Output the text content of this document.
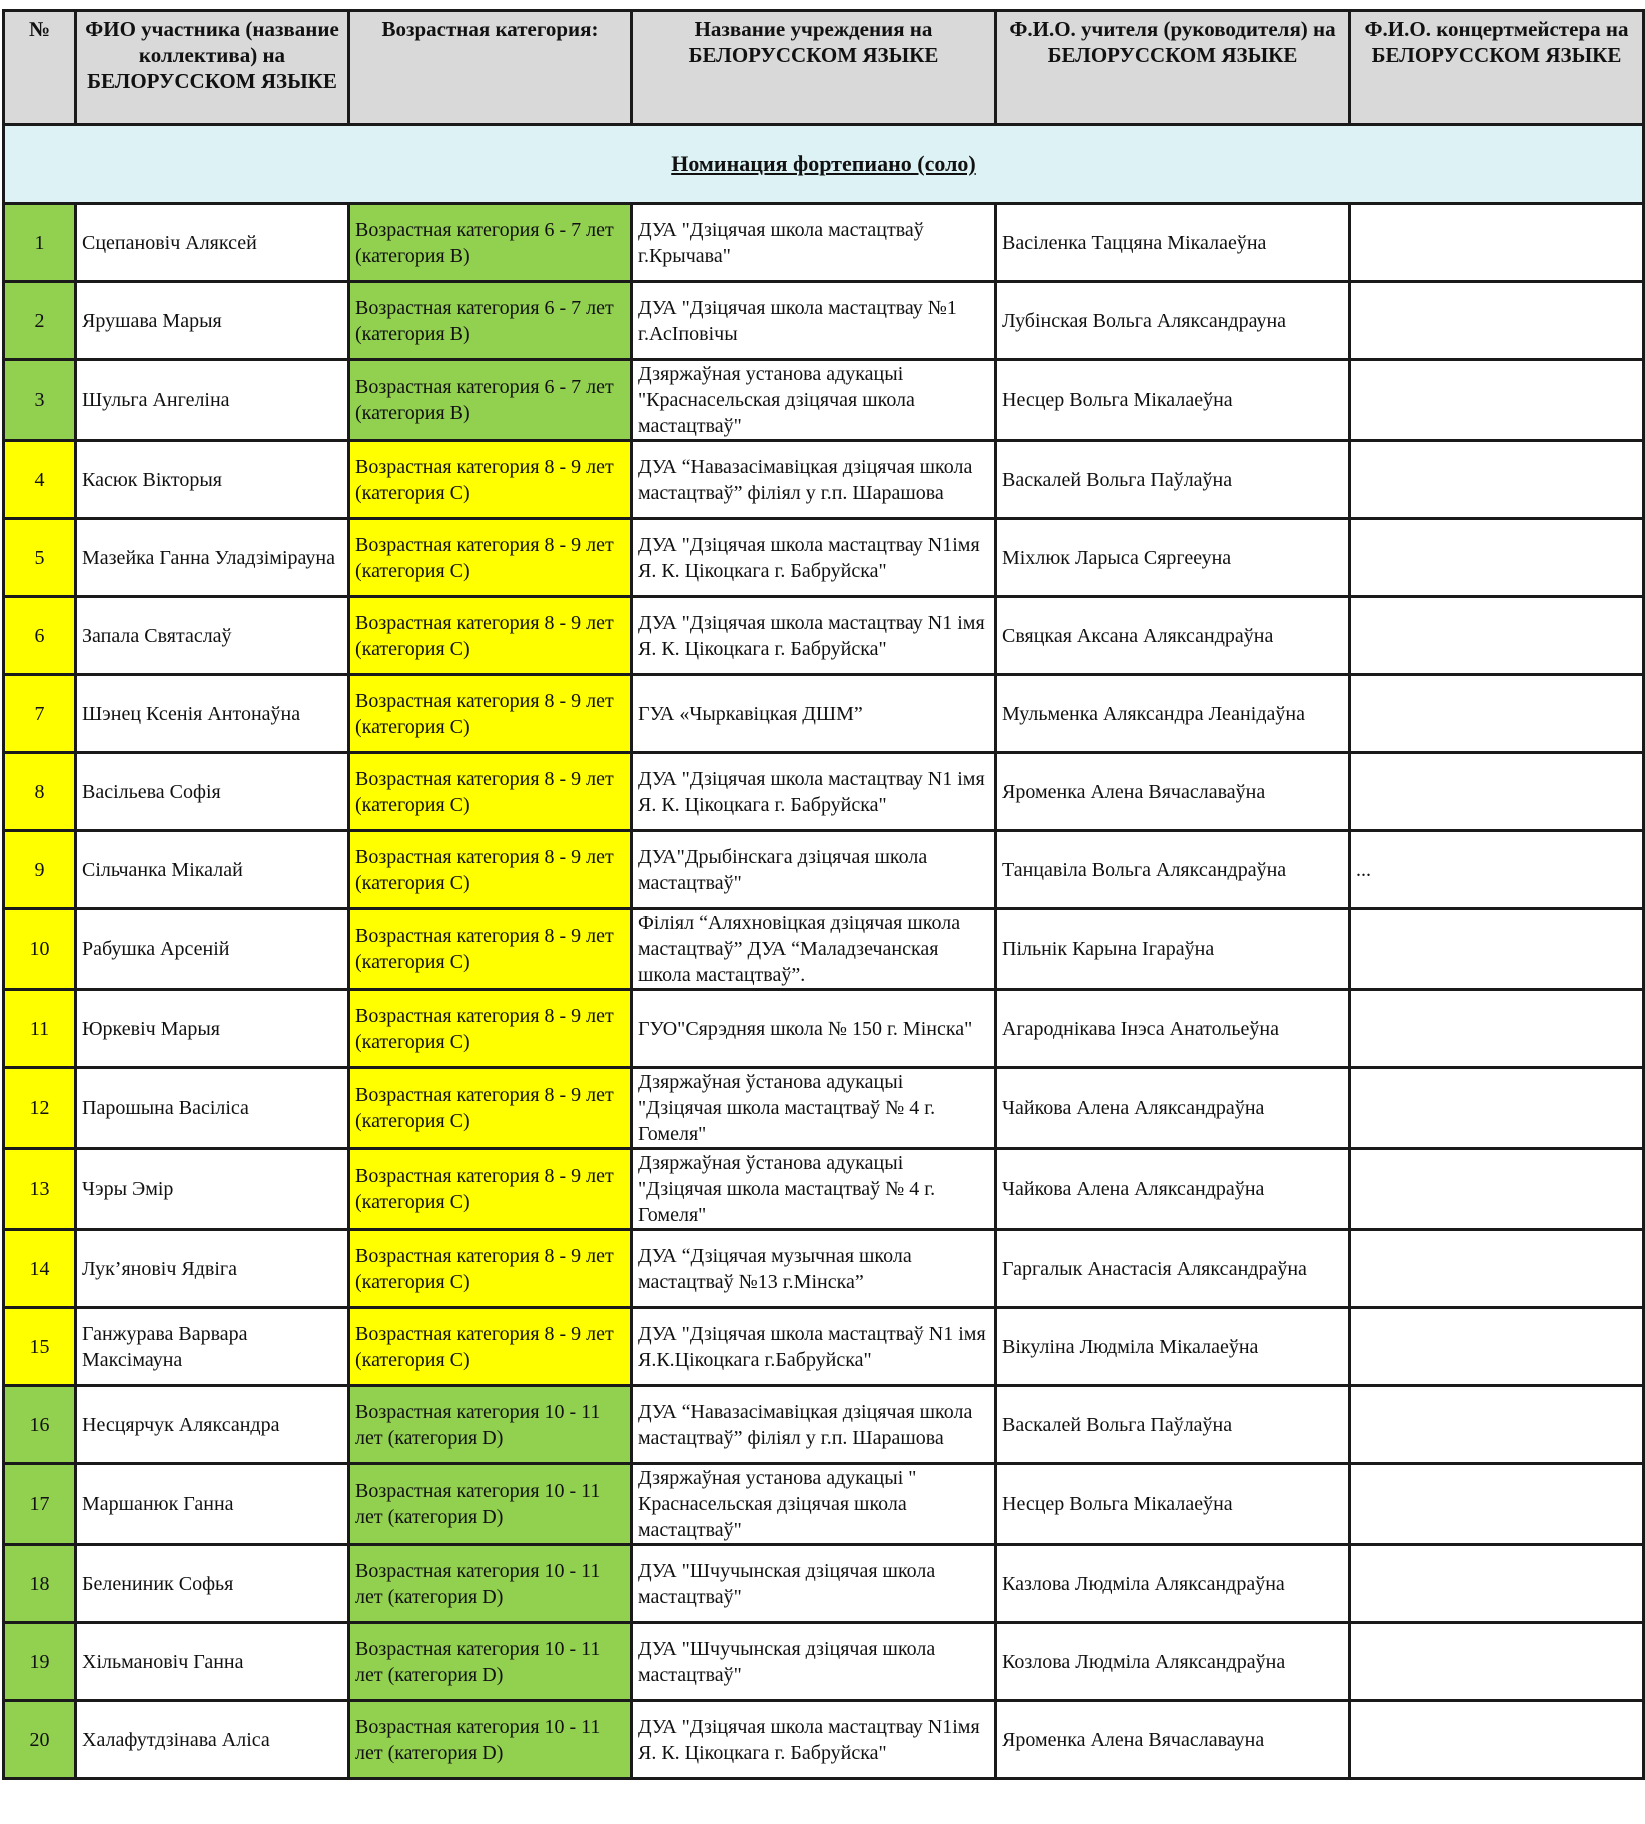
№	ФИО участника (название коллектива) на БЕЛОРУССКОМ ЯЗЫКЕ	Возрастная категория:	Название учреждения на БЕЛОРУССКОМ ЯЗЫКЕ	Ф.И.О. учителя (руководителя) на БЕЛОРУССКОМ ЯЗЫКЕ	Ф.И.О. концертмейстера на БЕЛОРУССКОМ ЯЗЫКЕ
Номинация фортепиано (соло)					
1	Сцепановіч Аляксей	Возрастная категория 6 - 7 лет (категория B)	ДУА "Дзіцячая школа мастацтваў г.Крычава"	Васіленка Таццяна Мікалаеўна	
2	Ярушава Марыя	Возрастная категория 6 - 7 лет (категория B)	ДУА "Дзіцячая школа мастацтвау №1 г.АсІповічы	Лубінская Вольга Аляксандрауна	
3	Шульга Ангеліна	Возрастная категория 6 - 7 лет (категория B)	Дзяржаўная установа адукацыі "Краснасельская дзіцячая школа мастацтваў"	Несцер Вольга Мікалаеўна	
4	Касюк Вікторыя	Возрастная категория 8 - 9 лет (категория C)	ДУА “Навазасімавіцкая дзіцячая школа мастацтваў” філіял у г.п. Шарашова	Васкалей Вольга Паўлаўна	
5	Мазейка Ганна Уладзімірауна	Возрастная категория 8 - 9 лет (категория C)	ДУА "Дзіцячая школа мастацтвау N1імя Я. К. Цікоцкага г. Бабруйска"	Міхлюк Ларыса Сяргееуна	
6	Запала Святаслаў	Возрастная категория 8 - 9 лет (категория C)	ДУА "Дзіцячая школа мастацтвау N1 імя Я. К. Цікоцкага г. Бабруйска"	Свяцкая Аксана Аляксандраўна	
7	Шэнец Ксенія Антонаўна	Возрастная категория 8 - 9 лет (категория C)	ГУА «Чыркавіцкая ДШМ”	Мульменка Аляксандра Леанідаўна	
8	Васільева Софія	Возрастная категория 8 - 9 лет (категория C)	ДУА "Дзіцячая школа мастацтвау N1 імя Я. К. Цікоцкага г. Бабруйска"	Яроменка Алена Вячаславаўна	
9	Сільчанка Мікалай	Возрастная категория 8 - 9 лет (категория C)	ДУА"Дрыбінскага дзіцячая школа мастацтваў"	Танцавіла Вольга Аляксандраўна	...
10	Рабушка Арсеній	Возрастная категория 8 - 9 лет (категория C)	Філіял “Аляхновіцкая дзіцячая школа мастацтваў” ДУА “Маладзечанская школа мастацтваў”.	Пільнік Карына Ігараўна	
11	Юркевіч Марыя	Возрастная категория 8 - 9 лет (категория C)	ГУО"Сярэдняя школа № 150 г. Мінска"	Агароднікава Інэса Анатольеўна	
12	Парошына Васіліса	Возрастная категория 8 - 9 лет (категория C)	Дзяржаўная ўстанова адукацыі "Дзіцячая школа мастацтваў № 4 г. Гомеля"	Чайкова Алена Аляксандраўна	
13	Чэры Эмір	Возрастная категория 8 - 9 лет (категория C)	Дзяржаўная ўстанова адукацыі "Дзіцячая школа мастацтваў № 4 г. Гомеля"	Чайкова Алена Аляксандраўна	
14	Лук’яновіч Ядвіга	Возрастная категория 8 - 9 лет (категория C)	ДУА “Дзіцячая музычная школа мастацтваў №13 г.Мінска”	Гаргалык Анастасія Аляксандраўна	
15	Ганжурава Варвара Максімауна	Возрастная категория 8 - 9 лет (категория C)	ДУА "Дзіцячая школа мастацтваў N1 імя Я.К.Цікоцкага г.Бабруйска"	Вікуліна Людміла Мікалаеўна	
16	Несцярчук Аляксандра	Возрастная категория 10 - 11 лет (категория D)	ДУА “Навазасімавіцкая дзіцячая школа мастацтваў” філіял у г.п. Шарашова	Васкалей Вольга Паўлаўна	
17	Маршанюк Ганна	Возрастная категория 10 - 11 лет (категория D)	Дзяржаўная установа адукацыі " Краснасельская дзіцячая школа мастацтваў"	Несцер Вольга Мікалаеўна	
18	Белениник Софья	Возрастная категория 10 - 11 лет (категория D)	ДУА "Шчучынская дзіцячая школа мастацтваў"	Казлова Людміла Аляксандраўна	
19	Хільмановіч Ганна	Возрастная категория 10 - 11 лет (категория D)	ДУА "Шчучынская дзіцячая школа мастацтваў"	Козлова Людміла Аляксандраўна	
20	Халафутдзінава Аліса	Возрастная категория 10 - 11 лет (категория D)	ДУА "Дзіцячая школа мастацтвау N1імя Я. К. Цікоцкага г. Бабруйска"	Яроменка Алена Вячаславауна	
